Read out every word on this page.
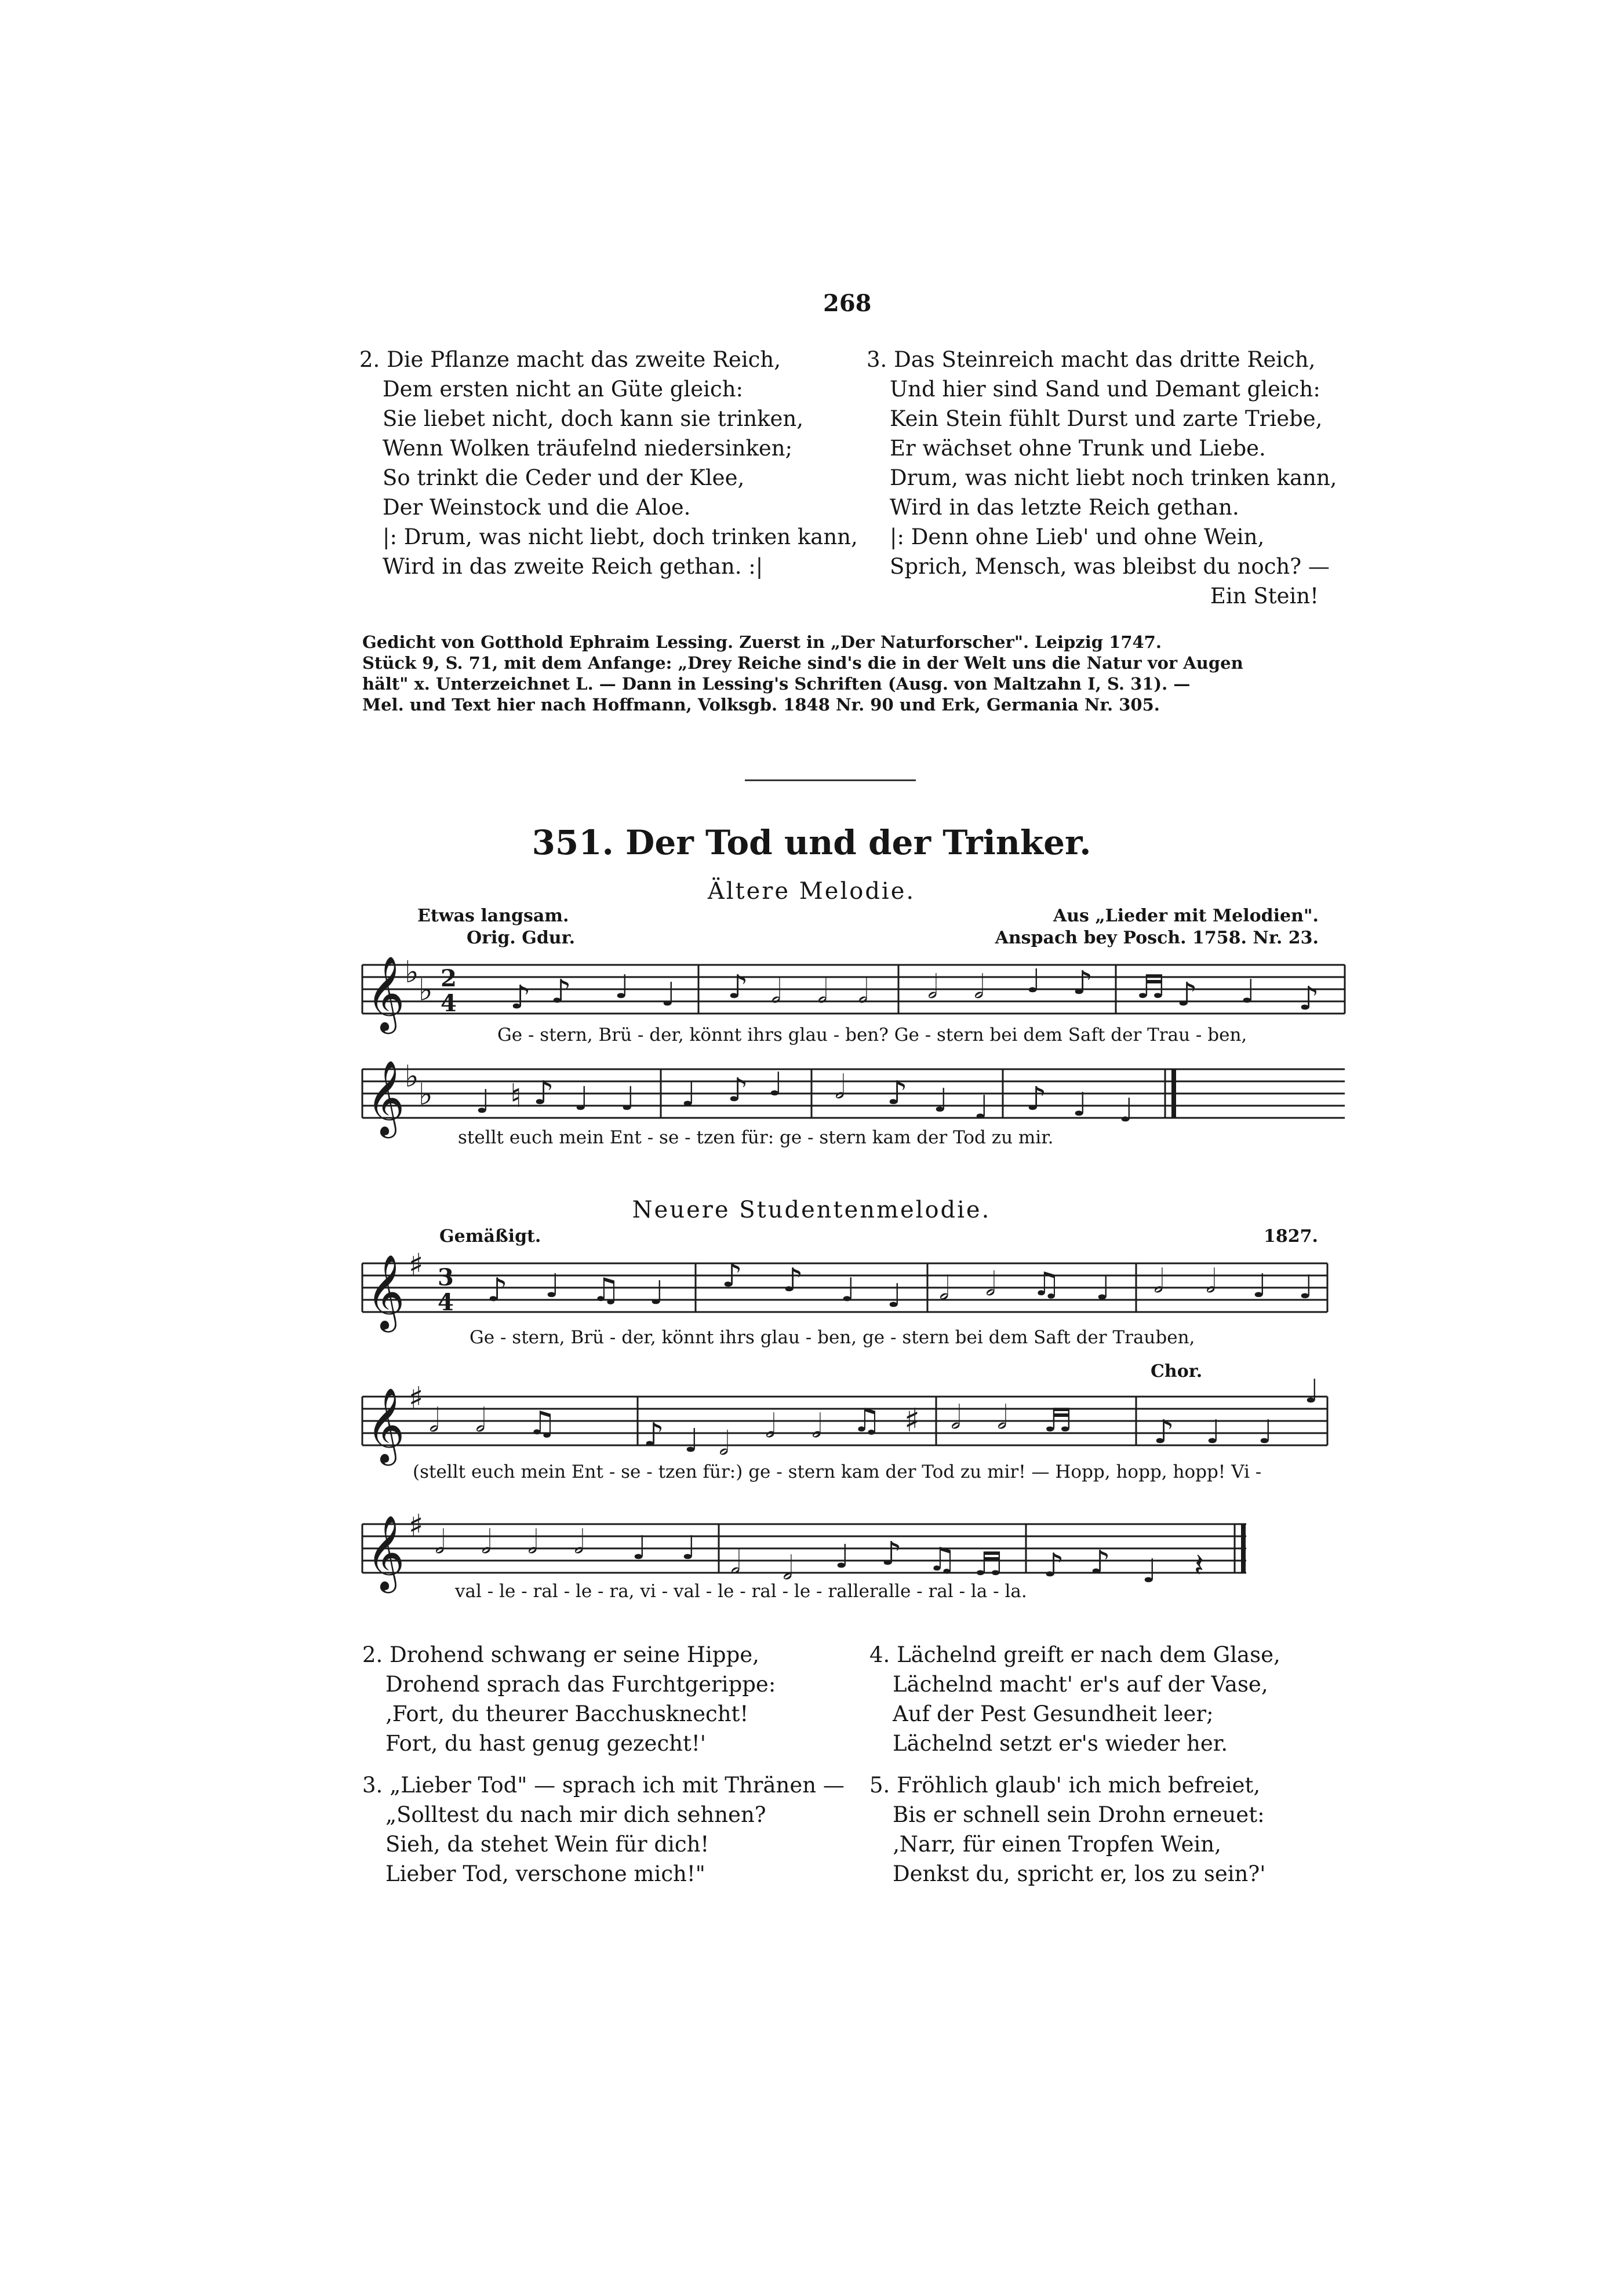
268
2. Die Pflanze macht das zweite Reich,
Dem ersten nicht an Güte gleich:
Sie liebet nicht, doch kann sie trinken,
Wenn Wolken träufelnd niedersinken;
So trinkt die Ceder und der Klee,
Der Weinstock und die Aloe.
|: Drum, was nicht liebt, doch trinken kann,
Wird in das zweite Reich gethan. :|
3. Das Steinreich macht das dritte Reich,
Und hier sind Sand und Demant gleich:
Kein Stein fühlt Durst und zarte Triebe,
Er wächset ohne Trunk und Liebe.
Drum, was nicht liebt noch trinken kann,
Wird in das letzte Reich gethan.
|: Denn ohne Lieb' und ohne Wein,
Sprich, Mensch, was bleibst du noch? —
Ein Stein!
Gedicht von Gotthold Ephraim Lessing. Zuerst in „Der Naturforscher". Leipzig 1747.
Stück 9, S. 71, mit dem Anfange: „Drey Reiche sind's die in der Welt uns die Natur vor Augen
hält" x. Unterzeichnet L. — Dann in Lessing's Schriften (Ausg. von Maltzahn I, S. 31). —
Mel. und Text hier nach Hoffmann, Volksgb. 1848 Nr. 90 und Erk, Germania Nr. 305.
351. Der Tod und der Trinker.
Ältere Melodie.
Etwas langsam.
Orig. Gdur.
Aus „Lieder mit Melodien".
Anspach bey Posch. 1758. Nr. 23.
𝄞
𝄞
𝄞
𝄞
𝄞
♭
♭
♭
♭
♯
♯
♯
2
4
3
4
♪ ♪ ♩ ♩ ♪ 𝅗𝅥 𝅗𝅥 𝅗𝅥 𝅗𝅥 𝅗𝅥 ♩ ♪ ♬ ♪ ♩ ♪
♩ ♮ ♪ ♩ ♩ ♩ ♪ ♩ 𝅗𝅥 ♪ ♩ ♩ ♪ ♩ ♩
♪ ♩ ♫ ♩ ♪ ♪ ♩ ♩ 𝅗𝅥 𝅗𝅥 ♫ ♩ 𝅗𝅥 𝅗𝅥 ♩ ♩
𝅗𝅥 𝅗𝅥 ♫	♪ ♩ 𝅗𝅥 𝅗𝅥 𝅗𝅥 ♫ ♯ 𝅗𝅥 𝅗𝅥 ♬ ♪ ♩ ♩
♩
𝅗𝅥 𝅗𝅥 𝅗𝅥 𝅗𝅥 ♩ ♩ 𝅗𝅥 𝅗𝅥 ♩ ♪ ♫ ♬ ♪ ♪ ♩ 𝄽
Ge - stern, Brü - der, könnt ihrs glau - ben? Ge - stern bei dem Saft der Trau - ben,
stellt euch mein Ent - se - tzen für: ge - stern kam der Tod zu mir.
Neuere Studentenmelodie.
Gemäßigt.	1827.
Ge - stern, Brü - der, könnt ihrs glau - ben, ge - stern bei dem Saft der Trauben,
Chor.
(stellt euch mein Ent - se - tzen für:) ge - stern kam der Tod zu mir! — Hopp, hopp, hopp! Vi -
val - le - ral - le - ra, vi - val - le - ral - le - ralleralle - ral - la - la.
2. Drohend schwang er seine Hippe,
Drohend sprach das Furchtgerippe:
‚Fort, du theurer Bacchusknecht!
Fort, du hast genug gezecht!'
3. „Lieber Tod" — sprach ich mit Thränen —
„Solltest du nach mir dich sehnen?
Sieh, da stehet Wein für dich!
Lieber Tod, verschone mich!"
4. Lächelnd greift er nach dem Glase,
Lächelnd macht' er's auf der Vase,
Auf der Pest Gesundheit leer;
Lächelnd setzt er's wieder her.
5. Fröhlich glaub' ich mich befreiet,
Bis er schnell sein Drohn erneuet:
‚Narr, für einen Tropfen Wein,
Denkst du, spricht er, los zu sein?'
